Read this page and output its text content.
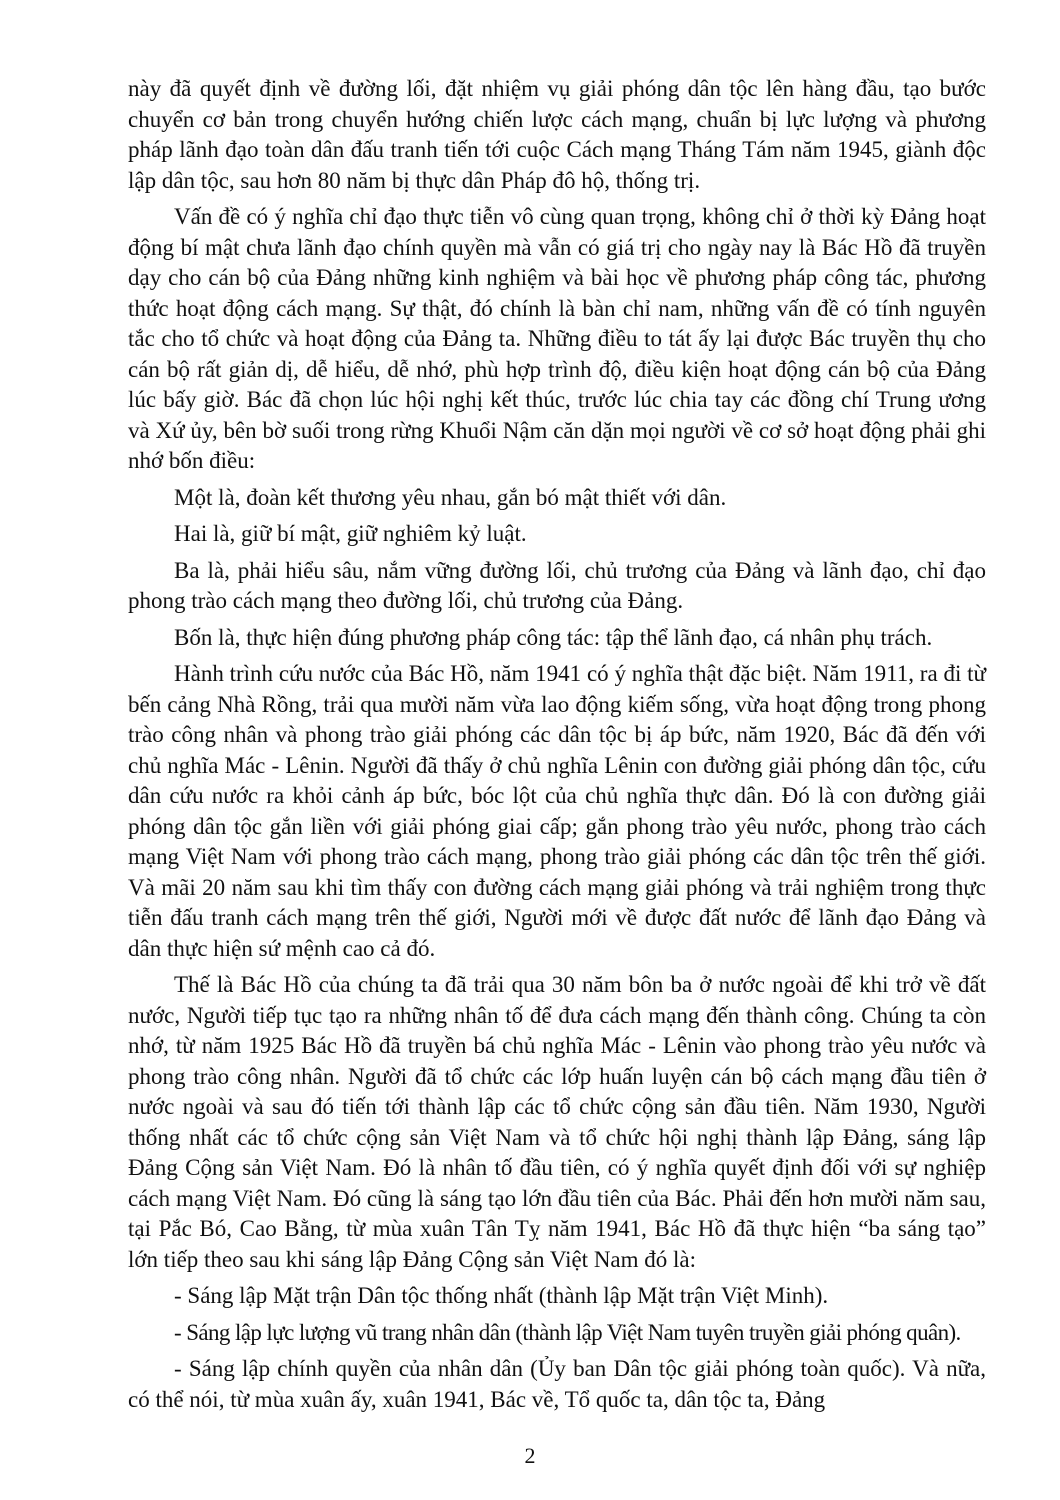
này đã quyết định về đường lối, đặt nhiệm vụ giải phóng dân tộc lên hàng đầu, tạo bước chuyển cơ bản trong chuyển hướng chiến lược cách mạng, chuẩn bị lực lượng và phương pháp lãnh đạo toàn dân đấu tranh tiến tới cuộc Cách mạng Tháng Tám năm 1945, giành độc lập dân tộc, sau hơn 80 năm bị thực dân Pháp đô hộ, thống trị.

Vấn đề có ý nghĩa chỉ đạo thực tiễn vô cùng quan trọng, không chỉ ở thời kỳ Đảng hoạt động bí mật chưa lãnh đạo chính quyền mà vẫn có giá trị cho ngày nay là Bác Hồ đã truyền dạy cho cán bộ của Đảng những kinh nghiệm và bài học về phương pháp công tác, phương thức hoạt động cách mạng. Sự thật, đó chính là bàn chỉ nam, những vấn đề có tính nguyên tắc cho tổ chức và hoạt động của Đảng ta. Những điều to tát ấy lại được Bác truyền thụ cho cán bộ rất giản dị, dễ hiểu, dễ nhớ, phù hợp trình độ, điều kiện hoạt động cán bộ của Đảng lúc bấy giờ. Bác đã chọn lúc hội nghị kết thúc, trước lúc chia tay các đồng chí Trung ương và Xứ ủy, bên bờ suối trong rừng Khuổi Nậm căn dặn mọi người về cơ sở hoạt động phải ghi nhớ bốn điều:

Một là, đoàn kết thương yêu nhau, gắn bó mật thiết với dân.

Hai là, giữ bí mật, giữ nghiêm kỷ luật.

Ba là, phải hiểu sâu, nắm vững đường lối, chủ trương của Đảng và lãnh đạo, chỉ đạo phong trào cách mạng theo đường lối, chủ trương của Đảng.

Bốn là, thực hiện đúng phương pháp công tác: tập thể lãnh đạo, cá nhân phụ trách.

Hành trình cứu nước của Bác Hồ, năm 1941 có ý nghĩa thật đặc biệt. Năm 1911, ra đi từ bến cảng Nhà Rồng, trải qua mười năm vừa lao động kiếm sống, vừa hoạt động trong phong trào công nhân và phong trào giải phóng các dân tộc bị áp bức, năm 1920, Bác đã đến với chủ nghĩa Mác - Lênin. Người đã thấy ở chủ nghĩa Lênin con đường giải phóng dân tộc, cứu dân cứu nước ra khỏi cảnh áp bức, bóc lột của chủ nghĩa thực dân. Đó là con đường giải phóng dân tộc gắn liền với giải phóng giai cấp; gắn phong trào yêu nước, phong trào cách mạng Việt Nam với phong trào cách mạng, phong trào giải phóng các dân tộc trên thế giới. Và mãi 20 năm sau khi tìm thấy con đường cách mạng giải phóng và trải nghiệm trong thực tiễn đấu tranh cách mạng trên thế giới, Người mới về được đất nước để lãnh đạo Đảng và dân thực hiện sứ mệnh cao cả đó.

Thế là Bác Hồ của chúng ta đã trải qua 30 năm bôn ba ở nước ngoài để khi trở về đất nước, Người tiếp tục tạo ra những nhân tố để đưa cách mạng đến thành công. Chúng ta còn nhớ, từ năm 1925 Bác Hồ đã truyền bá chủ nghĩa Mác - Lênin vào phong trào yêu nước và phong trào công nhân. Người đã tổ chức các lớp huấn luyện cán bộ cách mạng đầu tiên ở nước ngoài và sau đó tiến tới thành lập các tổ chức cộng sản đầu tiên. Năm 1930, Người thống nhất các tổ chức cộng sản Việt Nam và tổ chức hội nghị thành lập Đảng, sáng lập Đảng Cộng sản Việt Nam. Đó là nhân tố đầu tiên, có ý nghĩa quyết định đối với sự nghiệp cách mạng Việt Nam. Đó cũng là sáng tạo lớn đầu tiên của Bác. Phải đến hơn mười năm sau, tại Pắc Bó, Cao Bằng, từ mùa xuân Tân Tỵ năm 1941, Bác Hồ đã thực hiện “ba sáng tạo” lớn tiếp theo sau khi sáng lập Đảng Cộng sản Việt Nam đó là:

- Sáng lập Mặt trận Dân tộc thống nhất (thành lập Mặt trận Việt Minh).

- Sáng lập lực lượng vũ trang nhân dân (thành lập Việt Nam tuyên truyền giải phóng quân).

- Sáng lập chính quyền của nhân dân (Ủy ban Dân tộc giải phóng toàn quốc). Và nữa, có thể nói, từ mùa xuân ấy, xuân 1941, Bác về, Tổ quốc ta, dân tộc ta, Đảng

2
